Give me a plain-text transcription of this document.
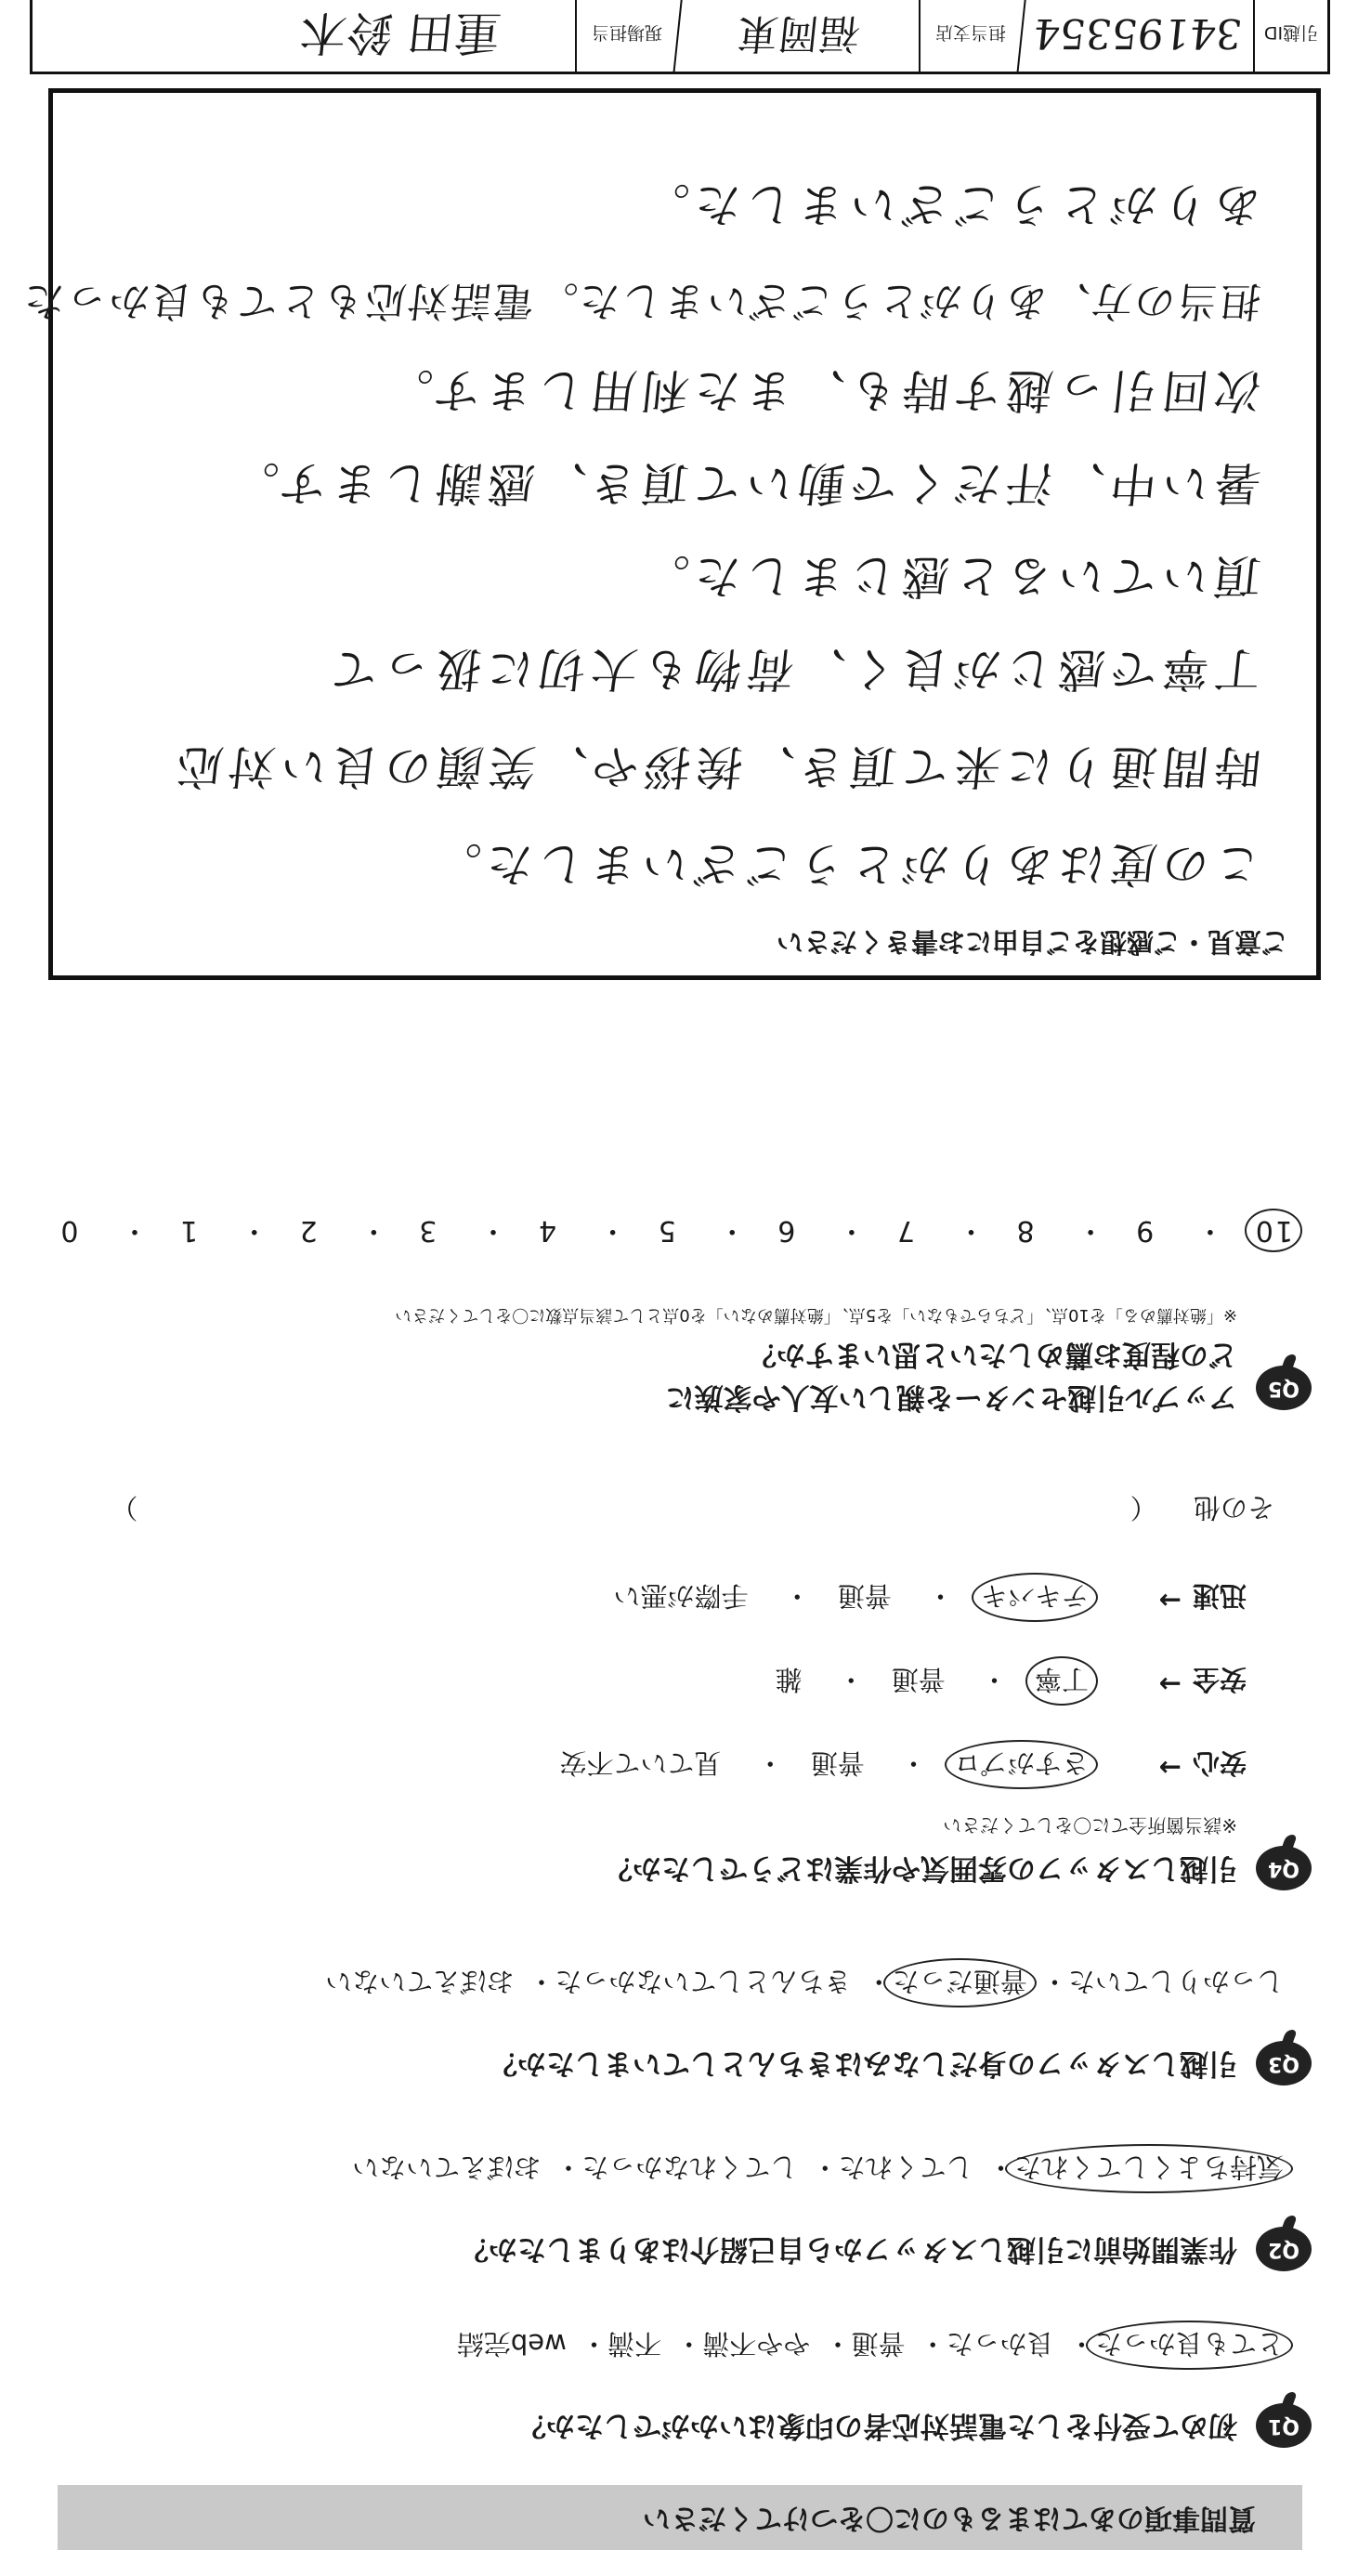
質問事項のあてはまるものに〇をつけてください
Q1
初めて受付をした電話対応者の印象はいかがでしたか？
とても良かった・ 良かった・ 普通・ やや不満・ 不満・ web完結
Q2
作業開始前に引越しスタッフから自己紹介はありましたか？
気持ちよくしてくれた・ してくれた・ してくれなかった・ おぼえていない
Q3
引越しスタッフの身だしなみはきちんとしていましたか？
しっかりしていた・ 普通だった・ きちんとしていなかった・ おぼえていない
Q4
引越しスタッフの雰囲気や作業はどうでしたか？
※該当箇所全てに〇をしてください
安心
→
さすがプロ　・　 普通　・　 見ていて不安
安全
→
丁寧　・　 普通　・　 雑
迅速
→
テキパキ　・　 普通　・　 手際が悪い
その他 （  ）
Q5
アップル引越センターを親しい友人や家族に
どの程度お薦めしたいと思いますか？
※「絶対薦める」を10点、「どちらでもない」を5点、「絶対薦めない」を0点として該当点数に〇をしてください
10　・　 9　・　 8　・　 7　・　 6　・　 5　・　 4　・　 3　・　 2　・　 1　・　 0
ご意見・ご感想をご自由にお書きください
この度はありがとうございました。
時間通りに来て頂き、挨拶や、笑顔の良い対応
丁寧で感じが良く、荷物も大切に扱って
頂いていると感じました。
暑い中、汗だくで動いて頂き、感謝します。
次回引っ越す時も、また利用します。
担当の方、ありがとうございました。電話対応もとても良かった
ありがとうございました。
引越ID
34195354
担当支店
福岡東
現場担当
重田 鈴木
